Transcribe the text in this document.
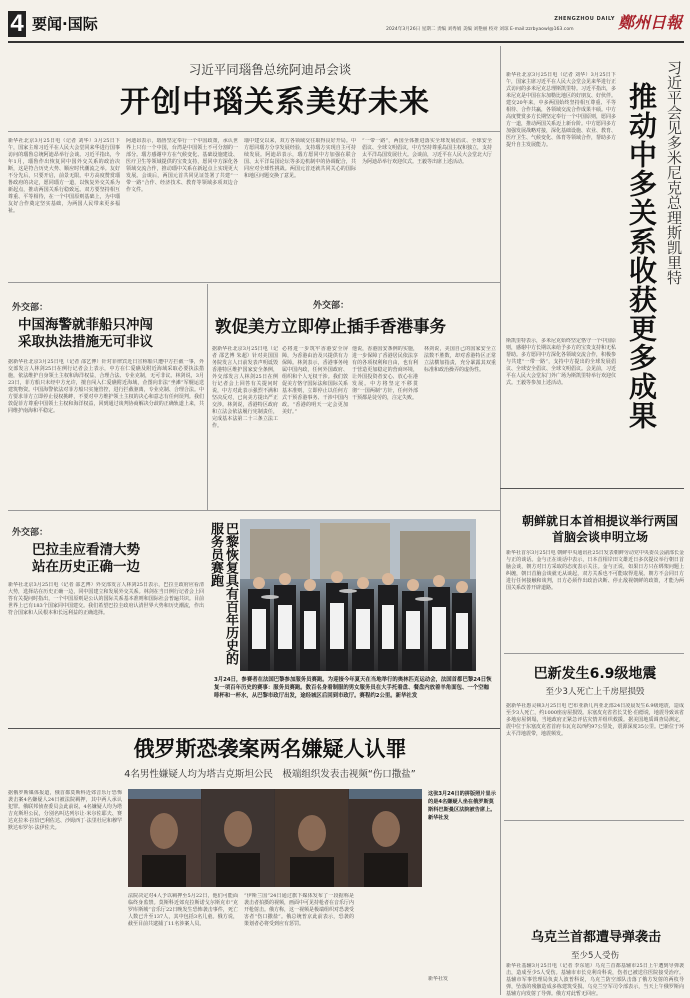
4 要闻·国际	2024年3月26日 星期二 责编 刘秀娟 美编 刘艳丽 校对 刘琼 E-mail:zzrbyaowl@163.com
ZHENGZHOU DAILY 鄭州日報
习近平同瑙鲁总统阿迪昂会谈
开创中瑙关系美好未来
新华社北京3月25日电（记者 刘华）3月25日下午，国家主席习近平在人民大会堂同来华进行国事访问的瑙鲁总统阿迪昂举行会谈。习近平指出，今年1月，瑙鲁作出恢复同中国外交关系的政治决断，这是符合历史大势、顺应时代潮流之举。友好不分先后，只要开启，前景无限。中方高度赞赏瑙鲁政府的决定，愿同瑙方一道，以恢复外交关系为新起点，推动两国关系行稳致远。双方要坚持相互尊重、平等相待，在一个中国原则基础上，为中瑙友好合作奠定坚实基础，为两国人民带来更多福祉。
阿迪昂表示，瑙鲁坚定奉行一个中国政策，承认世界上只有一个中国，台湾是中国领土不可分割的一部分。瑙方感谢中方在气候变化、基础设施建设、医疗卫生等领域提供的宝贵支持，愿同中方深化各领域交流合作，推动瑙中关系在新起点上实现更大发展。会谈后，两国元首共同见证签署了共建“一带一路”合作、经济技术、教育等领域多项双边合作文件。
瑙中建交以来，双方各领域交往取得良好开局。中方愿同瑙方分享发展经验，支持瑙方实现自主可持续发展。阿迪昂表示，瑙方愿同中方加强在联合国、太平洋岛国论坛等多边机制中的协调配合，共同应对全球性挑战。两国元首还就共同关心的国际和地区问题交换了意见。
“一带一路”，两国全体推进落实全球发展倡议、全球安全倡议、全球文明倡议，中方坚持尊重岛国主权和独立，支持太平洋岛国发展壮大。会谈前，习近平在人民大会堂北大厅为阿迪昂举行欢迎仪式。王毅等出席上述活动。
新华社北京3月25日电（记者 刘华）3月25日下午，国家主席习近平在人民大会堂会见来华进行正式访问的多米尼克总理斯凯里特。习近平指出，多米尼克是中国在东加勒比地区的好朋友、好伙伴。建交20年来，中多两国始终坚持相互尊重、平等相待、合作共赢，各领域交流合作成果丰硕。中方高度赞赏多方长期坚定奉行一个中国原则，愿同多方一道，推动两国关系迈上新台阶。中方愿同多方加强发展战略对接，深化基础设施、农业、教育、医疗卫生、气候变化、体育等领域合作，帮助多方提升自主发展能力。
斯凯里特表示，多米尼克始终坚定恪守一个中国原则，感谢中方长期以来给予多方的宝贵支持和无私帮助。多方愿同中方深化各领域交流合作，积极参与共建“一带一路”，支持中方提出的全球发展倡议、全球安全倡议、全球文明倡议。会见前，习近平在人民大会堂东门外广场为斯凯里特举行欢迎仪式。王毅等参加上述活动。
习近平会见多米尼克总理斯凯里特
推动中多关系收获更多成果
外交部：
中国海警就菲船只冲闯采取执法措施无可非议
据新华社北京3月25日电（记者 邵艺博）针对菲律宾近日宣称船只遭中方拦截一事，外交部发言人林剑25日在例行记者会上表示，中方在仁爱礁及附近海域采取必要执法措施，依法维护自身领土主权和海洋权益，合理合法、专业克制，无可非议。林剑说，3月23日，菲方船只未经中方允许，擅自闯入仁爱礁附近海域，企图向非法“坐滩”军舰运送建筑物资。中国海警依法对菲方船只实施管控，进行拦截驱离，专业克制、合理合法。中方要求菲方立即停止侵权挑衅，不要对中方维护领土主权的决心和意志有任何误判。我们敦促菲方尊重中国领土主权和海洋权益，回到通过谈判协商解决分歧的正确轨道上来，共同维护南海和平稳定。
外交部：
敦促美方立即停止插手香港事务
据新华社北京3月25日电（记者 邵艺博 朱超）针对美国国务院发言人日前发表声明诋毁香港特区维护国家安全条例，外交部发言人林剑25日在例行记者会上回答有关提问时说，中方对此表示强烈不满和坚决反对，已向美方提出严正交涉。林剑说，香港特区政府和立法会依法履行宪制责任，完成基本法第二十三条立法工作。
必将进一步筑牢香港安全屏障，为香港由治及兴提供有力保障。林剑表示，香港事务纯属中国内政，任何外国政府、组织和个人无权干涉。我们敦促美方恪守国际法和国际关系基本准则，立即停止以任何方式干预香港事务、干涉中国内政。“香港的明天一定会更加美好。”
他说，香港国安条例的实施，进一步保障了香港居民依法享有的各项权利和自由，也有利于营造更加稳定的营商环境，让外国投资者安心、放心在港发展。中方将坚定不移贯彻“一国两制”方针，任何外部干预都是徒劳的，注定失败。
林剑说，美国自己的国家安全立法数不胜数，却对香港特区正常立法横加指责，充分暴露其双重标准和政治操弄的虚伪性。
外交部：
巴拉圭应看清大势站在历史正确一边
新华社北京3月25日电（记者 邵艺博）外交部发言人林剑25日表示，巴拉圭政府应看清大势，选择站在历史正确一边，同中国建立和发展外交关系。林剑在当日例行记者会上回答有关提问时指出，一个中国原则是公认的国际关系基本准则和国际社会普遍共识。目前世界上已有183个国家同中国建交。我们希望巴拉圭政府认清世界大势和历史潮流，作出符合国家和人民根本和长远利益的正确选择。	巴黎恢复具有百年历史的服务员赛跑
3月24日，参赛者在法国巴黎参加服务员赛跑。为迎接今年夏天在当地举行的奥林匹克运动会，法国首都巴黎24日恢复一项百年历史的赛事：服务员赛跑。数百名身着制服的男女服务员在大手托着盘、餐盘内放着羊角面包、一个空咖啡杯和一杯水，从巴黎市政厅出发，途经城区后回到市政厅。赛程约2公里。新华社发
朝鲜就日本首相提议举行两国首脑会谈申明立场
新华社首尔3月25日电 朝鲜中央通讯社25日发表朝鲜劳动党中央委员会副部长金与正的谈话。金与正在谈话中表示，日本首相岸田文雄近日多次提议举行朝日首脑会谈，朝方对日方采取的态度表示关注。金与正说，如果日方只在绑架问题上纠缠，朝日首脑会谈就无从谈起，双方关系也不可能取得进展。朝方不会同日方进行任何接触和谈判，日方必须作出政治决断、停止敌视朝鲜的政策，才能为两国关系改善开辟道路。
巴新发生6.9级地震
至少3人死亡上千房屋损毁
据新华社惠灵顿3月25日电 巴布亚新几内亚北部24日凌晨发生6.9级地震，造成至少3人死亡，约1000座房屋损毁。东塞皮克省省长艾伦·伯德说，地震导致该省多地房屋倒塌，当地政府正紧急评估灾情并组织救援。据美国地质调查局测定，震中位于东塞皮克省首府韦瓦克以西约97公里处，震源深度35公里。巴新位于环太平洋地震带，地震频发。
乌克兰首都遭导弹袭击
至少5人受伤
新华社基辅3月25日电（记者 李东旭）乌克兰首都基辅市25日上午遭到导弹袭击，造成至少5人受伤。基辅市市长克利奇科说，伤者已被送往医院接受治疗。基辅市军事管理局负责人波普科说，乌克兰防空部队击落了俄方发射的两枚导弹，坠落的残骸造成多栋建筑受损。乌克兰空军司令部表示，当天上午俄罗斯向基辅方向发射了导弹。俄方对此暂无回应。
俄罗斯恐袭案两名嫌疑人认罪
4名男性嫌疑人均为塔吉克斯坦公民　极端组织发表击视频“伤口撒盐”
这张3月24日的拼版照片显示的是4名嫌疑人坐在俄罗斯莫斯科巴斯曼区法院被告席上。新华社发
据俄罗斯媒体报道，俄首都莫斯科近郊音乐厅恐怖袭击案4名嫌疑人24日被法院羁押，其中两人承认犯罪。俄联邦侦查委员会此前说，4名嫌疑人均为塔吉克斯坦公民，分别名叫达列尔让·米尔佐耶夫、赛达克拉米·拉恰巴利佐达、沙姆西丁·法里杜尼和穆罕默达布罗尔·法伊佐夫。
法院决定对4人予以羁押至5月22日，他们可能面临终身监禁。莫斯科近郊克拉斯诺戈尔斯克市“克罗库斯城”音乐厅22日晚发生恐怖袭击事件，死亡人数已升至137人，其中包括3名儿童。俄方说，截至目前共逮捕了11名涉案人员。
“伊斯兰国”24日通过旗下媒体发布了一段据称是袭击者拍摄的视频，画面中可见持枪者在音乐厅内开枪射击。俄方称，这一视频是极端组织对恐袭受害者“伤口撒盐”。俄总统普京此前表示，恐袭的策划者必将受到应有惩罚。
新华社发
